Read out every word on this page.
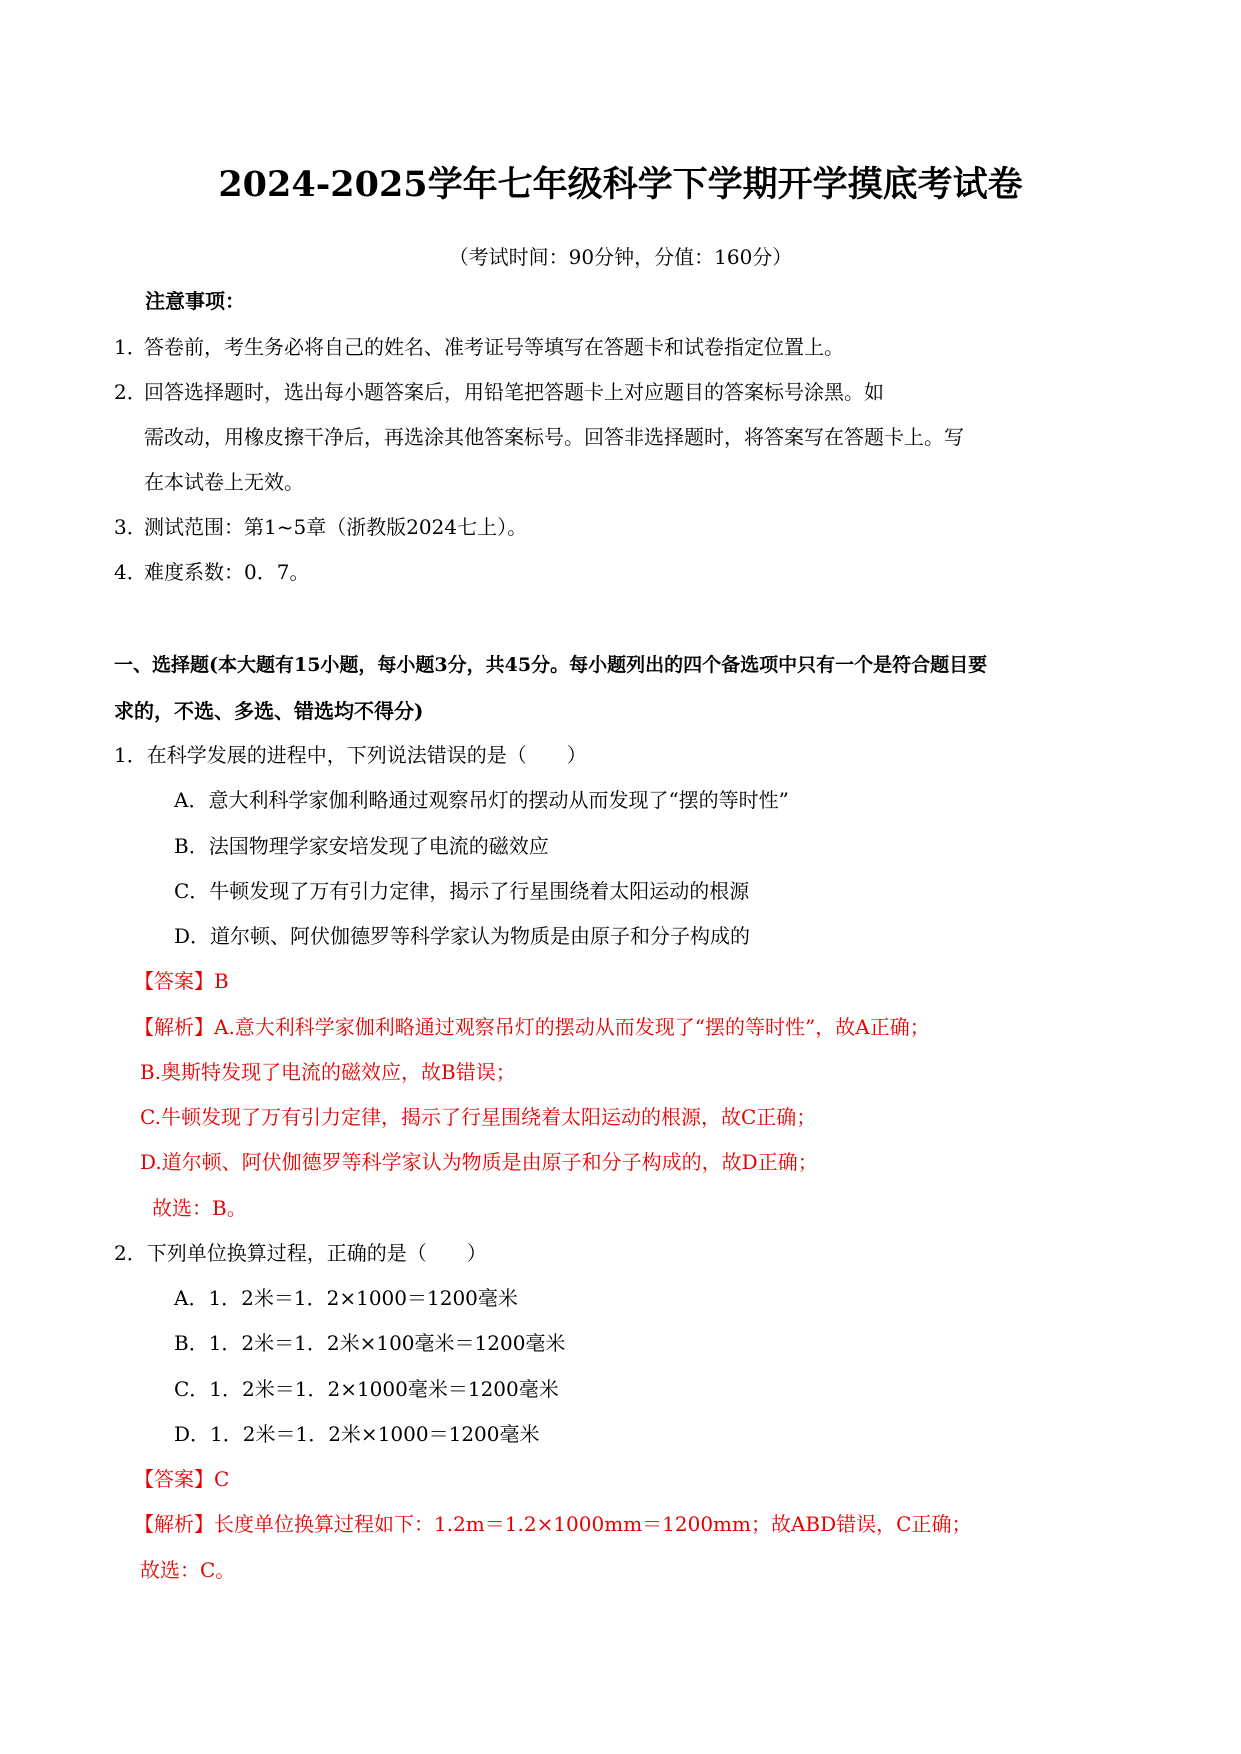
2024-2025学年七年级科学下学期开学摸底考试卷
（考试时间：90分钟，分值：160分）
注意事项：
1．答卷前，考生务必将自己的姓名、准考证号等填写在答题卡和试卷指定位置上。
2．回答选择题时，选出每小题答案后，用铅笔把答题卡上对应题目的答案标号涂黑。如
需改动，用橡皮擦干净后，再选涂其他答案标号。回答非选择题时，将答案写在答题卡上。写
在本试卷上无效。
3．测试范围：第1~5章（浙教版2024七上）。
4．难度系数：0．7。
一、选择题(本大题有15小题，每小题3分，共45分。每小题列出的四个备选项中只有一个是符合题目要
求的，不选、多选、错选均不得分)
1．在科学发展的进程中，下列说法错误的是（　　）
A．意大利科学家伽利略通过观察吊灯的摆动从而发现了“摆的等时性”
B．法国物理学家安培发现了电流的磁效应
C．牛顿发现了万有引力定律，揭示了行星围绕着太阳运动的根源
D．道尔顿、阿伏伽德罗等科学家认为物质是由原子和分子构成的
【答案】B
【解析】A.意大利科学家伽利略通过观察吊灯的摆动从而发现了“摆的等时性”，故A正确；
B.奥斯特发现了电流的磁效应，故B错误；
C.牛顿发现了万有引力定律，揭示了行星围绕着太阳运动的根源，故C正确；
D.道尔顿、阿伏伽德罗等科学家认为物质是由原子和分子构成的，故D正确；
故选：B。
2．下列单位换算过程，正确的是（　　）
A．1．2米＝1．2×1000＝1200毫米
B．1．2米＝1．2米×100毫米＝1200毫米
C．1．2米＝1．2×1000毫米＝1200毫米
D．1．2米＝1．2米×1000＝1200毫米
【答案】C
【解析】长度单位换算过程如下：1.2m＝1.2×1000mm＝1200mm；故ABD错误，C正确；
故选：C。
